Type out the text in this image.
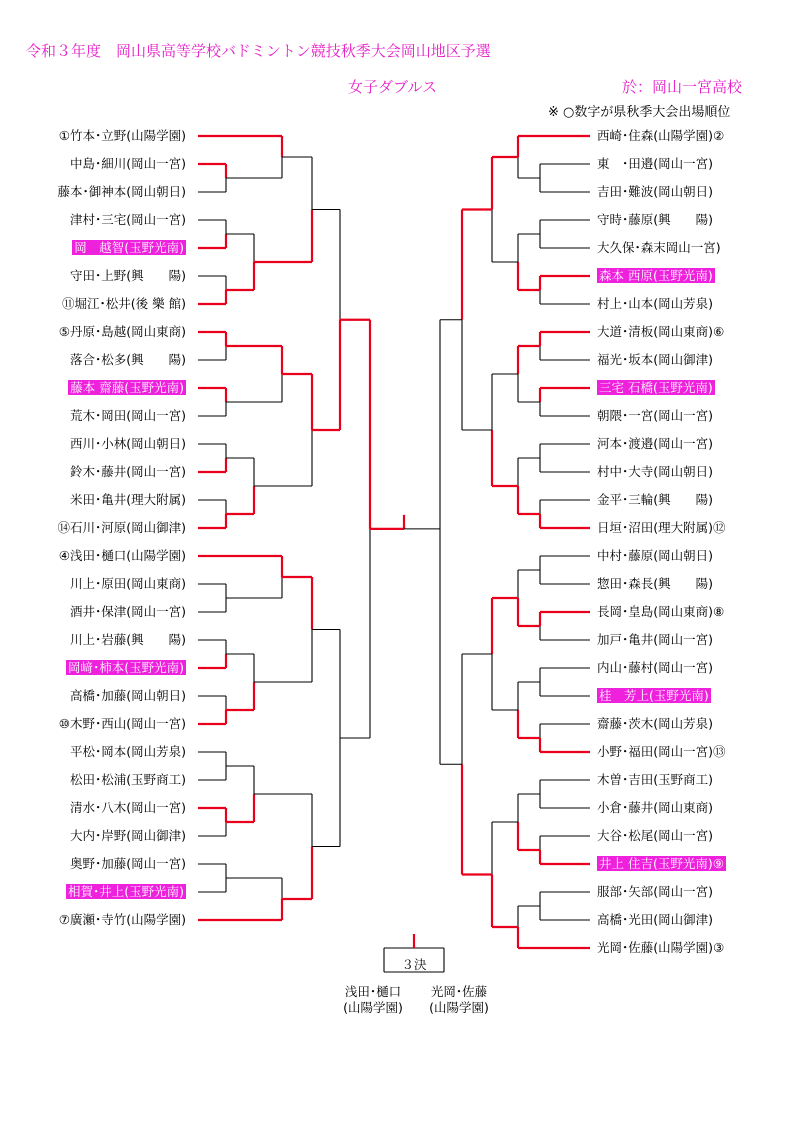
令和３年度　岡山県高等学校バドミントン競技秋季大会岡山地区予選
女子ダブルス	於：岡山一宮高校
※ ○数字が県秋季大会出場順位
①竹本･立野(山陽学園)
中島･細川(岡山一宮)
藤本･御神本(岡山朝日)
津村･三宅(岡山一宮)
岡　越智(玉野光南)
守田･上野(興　　陽)
⑪堀江･松井(後 樂 館)
⑤丹原･島越(岡山東商)
落合･松多(興　　陽)
藤本 齋藤(玉野光南)
荒木･岡田(岡山一宮)
西川･小林(岡山朝日)
鈴木･藤井(岡山一宮)
米田･亀井(理大附属)
⑭石川･河原(岡山御津)
④浅田･樋口(山陽学園)
川上･原田(岡山東商)
酒井･保津(岡山一宮)
川上･岩藤(興　　陽)
岡﨑･柿本(玉野光南)
高橋･加藤(岡山朝日)
⑩木野･西山(岡山一宮)
平松･岡本(岡山芳泉)
松田･松浦(玉野商工)
清水･八木(岡山一宮)
大内･岸野(岡山御津)
奥野･加藤(岡山一宮)
相賀･井上(玉野光南)
⑦廣瀬･寺竹(山陽学園)
西崎･住森(山陽学園)②
東　･田邉(岡山一宮)
吉田･難波(岡山朝日)
守時･藤原(興　　陽)
大久保･森末岡山一宮)
森本 西原(玉野光南)
村上･山本(岡山芳泉)
大道･清板(岡山東商)⑥
福光･坂本(岡山御津)
三宅 石橋(玉野光南)
朝隈･一宮(岡山一宮)
河本･渡邉(岡山一宮)
村中･大寺(岡山朝日)
金平･三輪(興　　陽)
日垣･沼田(理大附属)⑫
中村･藤原(岡山朝日)
惣田･森長(興　　陽)
長岡･皇島(岡山東商)⑧
加戸･亀井(岡山一宮)
内山･藤村(岡山一宮)
桂　芳上(玉野光南)
齋藤･茨木(岡山芳泉)
小野･福田(岡山一宮)⑬
木曽･吉田(玉野商工)
小倉･藤井(岡山東商)
大谷･松尾(岡山一宮)
井上 住吉(玉野光南)⑨
服部･矢部(岡山一宮)
高橋･光田(岡山御津)
光岡･佐藤(山陽学園)③
３決
浅田･樋口
(山陽学園)
光岡･佐藤
(山陽学園)
